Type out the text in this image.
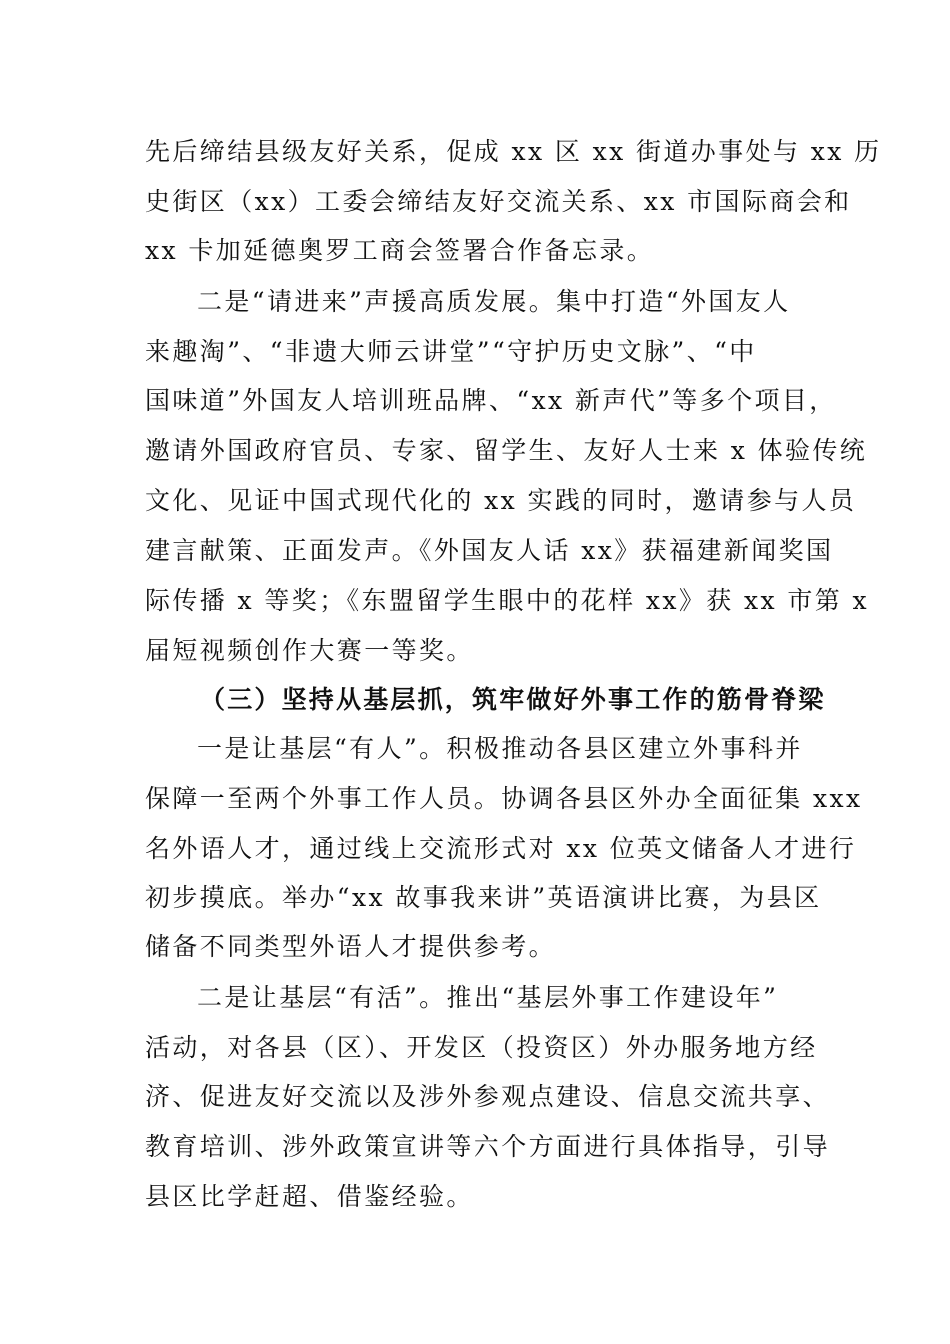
先后缔结县级友好关系，促成 xx 区 xx 街道办事处与 xx 历
史街区（xx）工委会缔结友好交流关系、xx 市国际商会和
xx 卡加延德奥罗工商会签署合作备忘录。
二是“请进来”声援高质发展。集中打造“外国友人
来趣淘”、“非遗大师云讲堂”“守护历史文脉”、“中
国味道”外国友人培训班品牌、“xx 新声代”等多个项目，
邀请外国政府官员、专家、留学生、友好人士来 x 体验传统
文化、见证中国式现代化的 xx 实践的同时，邀请参与人员
建言献策、正面发声。《外国友人话 xx》获福建新闻奖国
际传播 x 等奖；《东盟留学生眼中的花样 xx》获 xx 市第 x
届短视频创作大赛一等奖。
（三）坚持从基层抓，筑牢做好外事工作的筋骨脊梁
一是让基层“有人”。积极推动各县区建立外事科并
保障一至两个外事工作人员。协调各县区外办全面征集 xxx
名外语人才，通过线上交流形式对 xx 位英文储备人才进行
初步摸底。举办“xx 故事我来讲”英语演讲比赛，为县区
储备不同类型外语人才提供参考。
二是让基层“有活”。推出“基层外事工作建设年”
活动，对各县（区）、开发区（投资区）外办服务地方经
济、促进友好交流以及涉外参观点建设、信息交流共享、
教育培训、涉外政策宣讲等六个方面进行具体指导，引导
县区比学赶超、借鉴经验。
